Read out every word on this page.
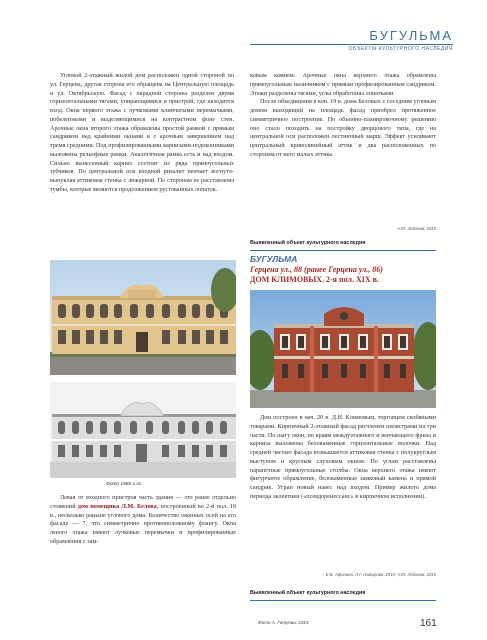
БУГУЛЬМА
ОБЪЕКТЫ КУЛЬТУРНОГО НАСЛЕДИЯ

Угловой 2-этажный жилой дом расположен одной стороной по ул. Герцена, другая сторона его обращена на Центральную площадь и ул. Октябрьскую. Фасад с парадной стороны разделен двумя горизонтальными тягами, упирающимися в пристрой, где находится вход. Окна первого этажа с лучковыми клинчатыми перемычками, побеленными и выделяющимися на контрастном фоне стен. Арочные окна второго этажа обрамлены простой рамкой с прямым сандриком над крайними окнами и с арочным завершением над тремя средними. Под профилированными карнизами-подоконниками выложены рельефные рамки. Аналогичная рамка есть и над входом. Сильно вынесенный карниз состоит из ряда прямоугольных зубчиков. По центральной оси входной ризалит венчает вогнуто-выпуклая аттиковая стенка с люкарной. По сторонам ее расставлены тумбы, которые являются продолжением рустованных лопаток.

ковым камнем. Арочные окна верхнего этажа обрамлены прямоугольным наличником с прямым профилированным сандриком. Этажи разделены тягами, углы обработаны лопатками.

После объединения в кон. 19 в. дома Беловых с соседним угловым домом выходящий на площадь фасад приобрел протяженное симметричное построение. По объемно-планировочному решению оно стало походить на постройку дворцового типа, где на центральной оси расположен лестничный марш. Эффект усиливают центральный криволинейный аттик и два расположенных по сторонам от него малых аттика.

А.Ю. Лобанов, 2015
Выявленный объект культурного наследия
БУГУЛЬМА
Герцена ул., 88 (ранее Герцена ул., 86)
ДОМ КЛИМОВЫХ. 2-я пол. XIX в.
Фото 1980-х гг.

Левая от входного пристроя часть здания — это ранее отдельно стоявший дом помещика Л.М. Белова, построенный во 2-й пол. 19 в., несколько раньше углового дома. Количество оконных осей на его фасаде — 7, что симметрично противоположному флангу. Окна левого этажа имеют лучковые перемычки и профилированные обрамления с зам-

Дом построен в нач. 20 в. Д.Н. Климовым, торговцем скобяными товарами. Кирпичный 2-этажный фасад расчленен пилястрами на три части. По шагу окон, по краям междуэтажного и венчающего фриза и карниза выложены белокаменные горизонтальные полочки. Над средней частью фасада возвышается аттиковая стенка с полукруглым выступом и круглым слуховым окном. По углам расставлены парапетные прямоугольные столбы. Окна верхнего этажа имеют фигурчатое обрамление, белокаменные замковый камень и прямой сандрик. Угран новый навес над входом. Пример жилого дома периода эклектики («псевдоренессанс» в кирпичном исполнении).

Е.В. Афонина, Л.Г. Надырова, 2015; А.Ю. Лобанов, 2015
Выявленный объект культурного наследия
Фото А. Гатуева, 2015	161
